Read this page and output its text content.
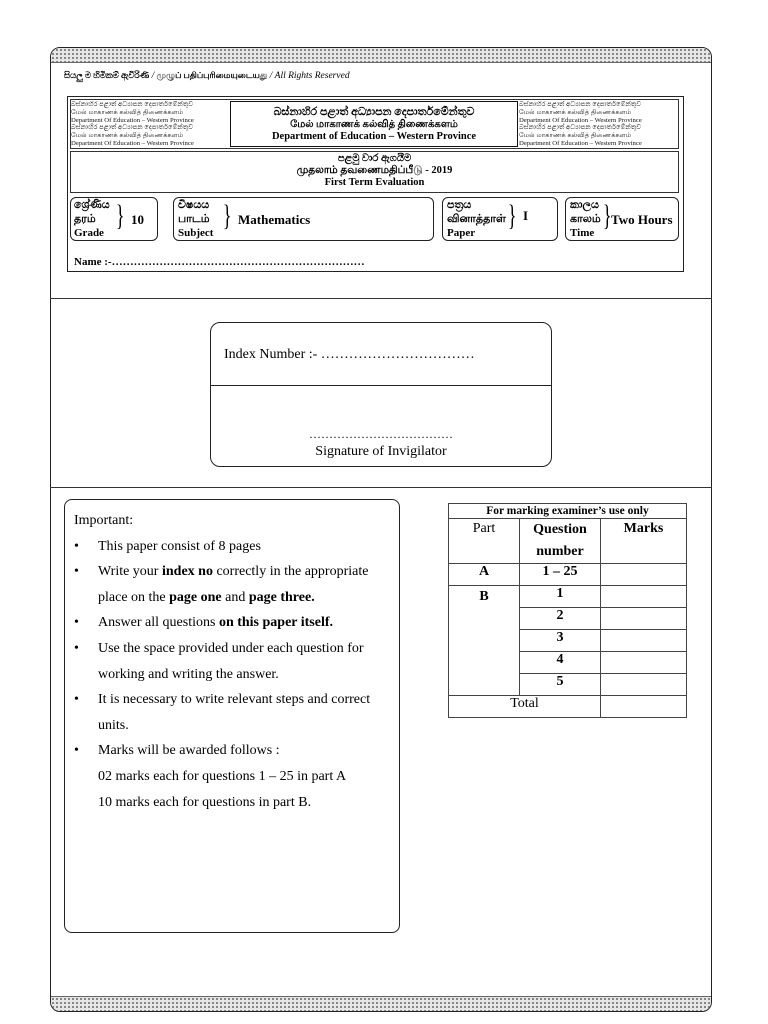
සියලු ම හිමිකම් ඇවිරිණි / முழுப் பதிப்புரிமையுடையது / All Rights Reserved
බස්නාහිර පළාත් අධ්‍යාපන දෙපාර්තමේන්තුව
மேல் மாகாணக் கல்வித் திணைக்களம்
Department Of Education – Western Province
බස්නාහිර පළාත් අධ්‍යාපන දෙපාර්තමේන්තුව
மேல் மாகாணக் கல்வித் திணைக்களம்
Department Of Education – Western Province
බස්නාහිර පළාත් අධ්‍යාපන දෙපාර්තමේන්තුව
மேல் மாகாணக் கல்வித் திணைக்களம்
Department Of Education – Western Province
බස්නාහිර පළාත් අධ්‍යාපන දෙපාර්තමේන්තුව
மேல் மாகாணக் கல்வித் திணைக்களம்
Department Of Education – Western Province
බස්නාහිර පළාත් අධ්‍යාපන දෙපාර්තමේන්තුව
மேல் மாகாணக் கல்வித் திணைக்களம்
Department of Education – Western Province
පළමු වාර ඇගයීම
முதலாம் தவணைமதிப்பீடு - 2019
First Term Evaluation
ශ්‍රේණිය
தரம்
Grade
} 10
විෂයය
பாடம்
Subject
} Mathematics
පත්‍රය
வினாத்தாள்
Paper
} I
කාලය
காலம்
Time
} Two Hours
Name :-……………………………………………………………
Index Number :- ……………………………
………………………………
Signature of Invigilator
Important:
• This paper consist of 8 pages
• Write your index no correctly in the appropriate place on the page one and page three.
• Answer all questions on this paper itself.
• Use the space provided under each question for working and writing the answer.
• It is necessary to write relevant steps and correct units.
• Marks will be awarded follows :
02 marks each for questions 1 – 25 in part A
10 marks each for questions in part B.
For marking examiner’s use only		
Part	Question number	Marks
A	1 – 25	
B	1	
	2	
	3	
	4	
	5	
Total		
